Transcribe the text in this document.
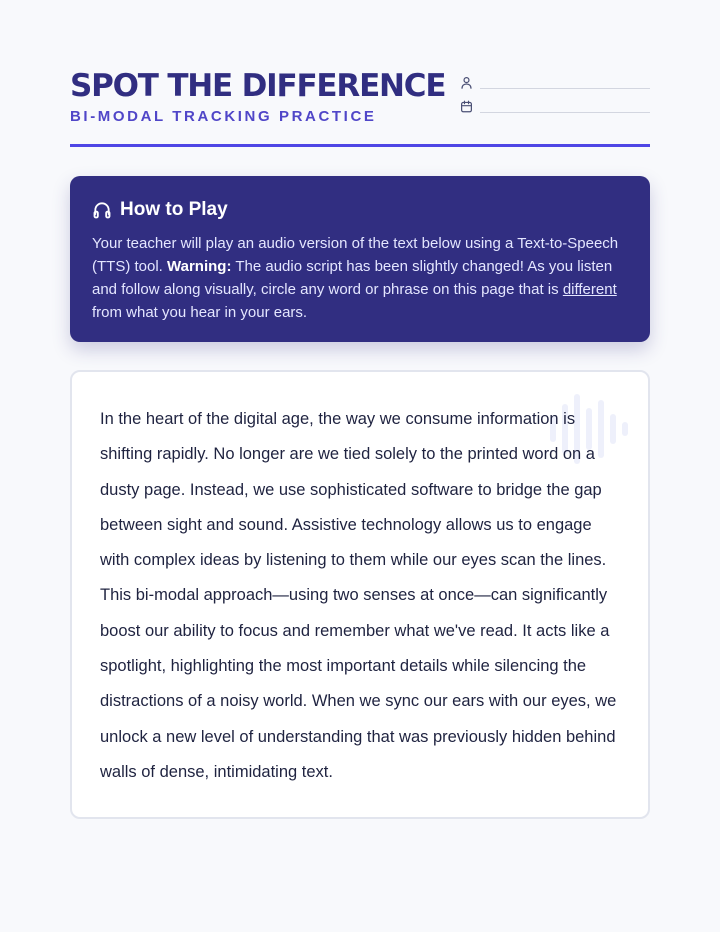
SPOT THE DIFFERENCE
BI-MODAL TRACKING PRACTICE
How to Play

Your teacher will play an audio version of the text below using a Text-to-Speech (TTS) tool. Warning: The audio script has been slightly changed! As you listen and follow along visually, circle any word or phrase on this page that is different from what you hear in your ears.

In the heart of the digital age, the way we consume information is shifting rapidly. No longer are we tied solely to the printed word on a dusty page. Instead, we use sophisticated software to bridge the gap between sight and sound. Assistive technology allows us to engage with complex ideas by listening to them while our eyes scan the lines. This bi-modal approach—using two senses at once—can significantly boost our ability to focus and remember what we've read. It acts like a spotlight, highlighting the most important details while silencing the distractions of a noisy world. When we sync our ears with our eyes, we unlock a new level of understanding that was previously hidden behind walls of dense, intimidating text.
